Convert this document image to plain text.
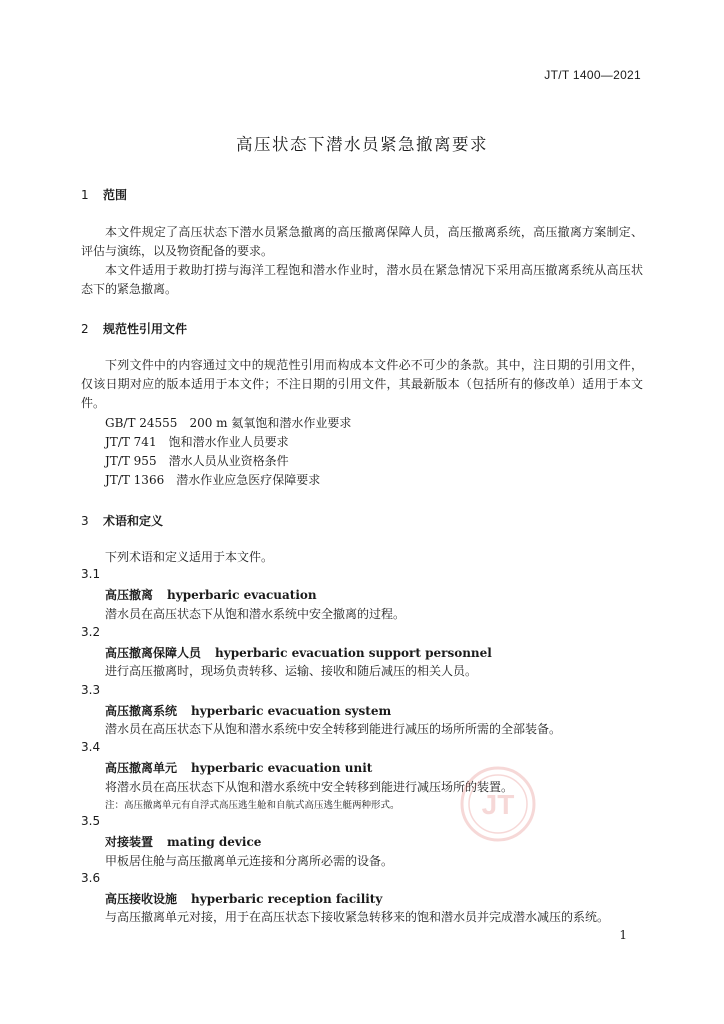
JT/T 1400—2021
高压状态下潜水员紧急撤离要求
1 范围
本文件规定了高压状态下潜水员紧急撤离的高压撤离保障人员，高压撤离系统，高压撤离方案制定、评估与演练，以及物资配备的要求。
本文件适用于救助打捞与海洋工程饱和潜水作业时，潜水员在紧急情况下采用高压撤离系统从高压状态下的紧急撤离。
2 规范性引用文件
下列文件中的内容通过文中的规范性引用而构成本文件必不可少的条款。其中，注日期的引用文件，仅该日期对应的版本适用于本文件；不注日期的引用文件，其最新版本（包括所有的修改单）适用于本文件。
GB/T 24555　200 m 氦氧饱和潜水作业要求
JT/T 741　饱和潜水作业人员要求
JT/T 955　潜水人员从业资格条件
JT/T 1366　潜水作业应急医疗保障要求
3 术语和定义
下列术语和定义适用于本文件。
3.1
高压撤离 hyperbaric evacuation
潜水员在高压状态下从饱和潜水系统中安全撤离的过程。
3.2
高压撤离保障人员 hyperbaric evacuation support personnel
进行高压撤离时，现场负责转移、运输、接收和随后减压的相关人员。
3.3
高压撤离系统 hyperbaric evacuation system
潜水员在高压状态下从饱和潜水系统中安全转移到能进行减压的场所所需的全部装备。
3.4
高压撤离单元 hyperbaric evacuation unit
将潜水员在高压状态下从饱和潜水系统中安全转移到能进行减压场所的装置。
注：高压撤离单元有自浮式高压逃生舱和自航式高压逃生艇两种形式。
3.5
对接装置 mating device
甲板居住舱与高压撤离单元连接和分离所必需的设备。
3.6
高压接收设施 hyperbaric reception facility
与高压撤离单元对接，用于在高压状态下接收紧急转移来的饱和潜水员并完成潜水减压的系统。
JT
1
